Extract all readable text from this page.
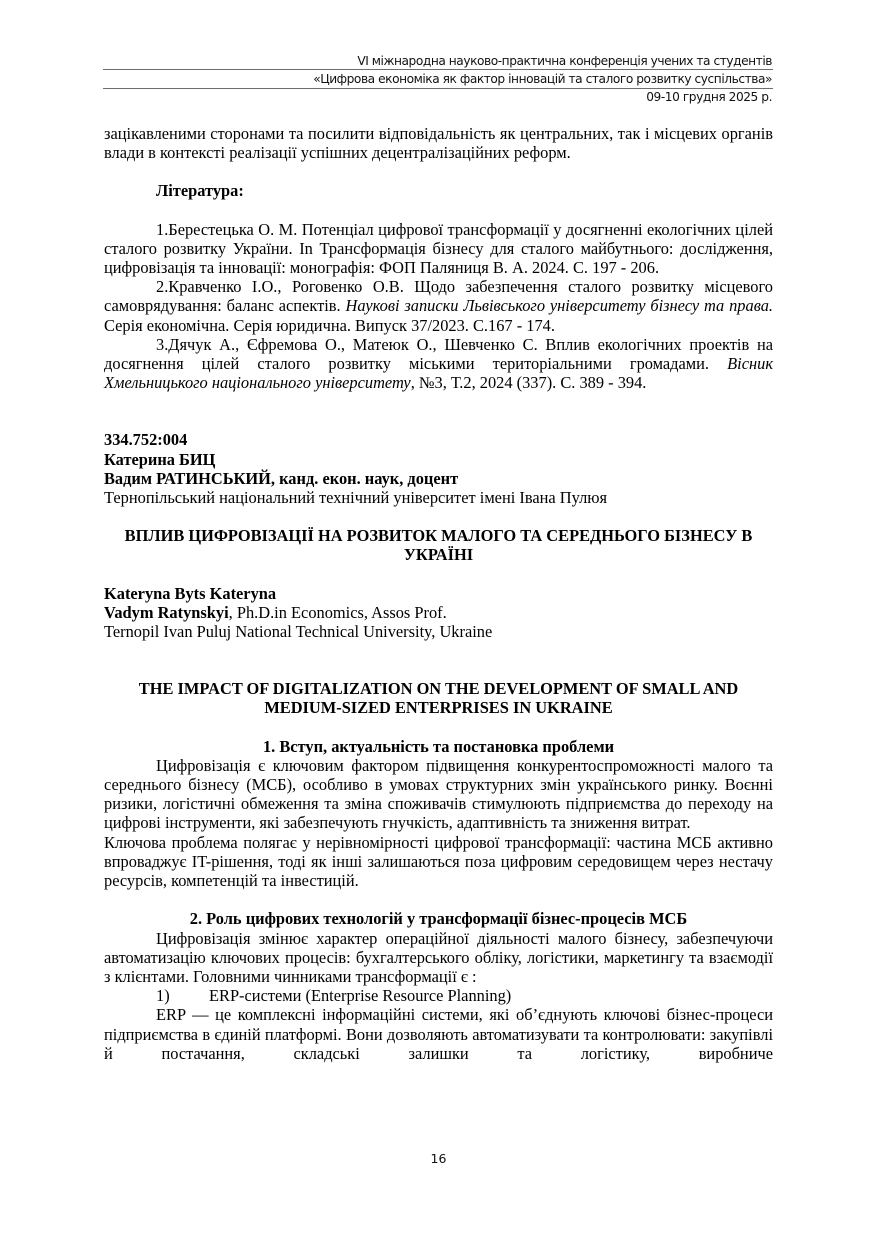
VI міжнародна науково-практична конференція учених та студентів
«Цифрова економіка як фактор інновацій та сталого розвитку суспільства»
09-10 грудня 2025 р.

зацікавленими сторонами та посилити відповідальність як центральних, так і місцевих органів влади в контексті реалізації успішних децентралізаційних реформ.

Література:

1.Берестецька О. М. Потенціал цифрової трансформації у досягненні екологічних цілей сталого розвитку України. In Трансформація бізнесу для сталого майбутнього: дослідження, цифровізація та інновації: монографія: ФОП Паляниця В. А. 2024. С. 197 - 206.

2.Кравченко І.О., Роговенко О.В. Щодо забезпечення сталого розвитку місцевого самоврядування: баланс аспектів. Наукові записки Львівського університету бізнесу та права. Серія економічна. Серія юридична. Випуск 37/2023. С.167 - 174.

3.Дячук А., Єфремова О., Матеюк О., Шевченко С. Вплив екологічних проектів на досягнення цілей сталого розвитку міськими територіальними громадами. Вісник Хмельницького національного університету, №3, Т.2, 2024 (337). С. 389 - 394.

334.752:004

Катерина БИЦ

Вадим РАТИНСЬКИЙ, канд. екон. наук, доцент

Тернопільський національний технічний університет імені Івана Пулюя

ВПЛИВ ЦИФРОВІЗАЦІЇ НА РОЗВИТОК МАЛОГО ТА СЕРЕДНЬОГО БІЗНЕСУ В УКРАЇНІ

Kateryna Byts Kateryna

Vadym Ratynskyi, Ph.D.in Economics, Assos Prof.

Ternopil Ivan Puluj National Technical University, Ukraine

THE IMPACT OF DIGITALIZATION ON THE DEVELOPMENT OF SMALL AND MEDIUM-SIZED ENTERPRISES IN UKRAINE

1. Вступ, актуальність та постановка проблеми

Цифровізація є ключовим фактором підвищення конкурентоспроможності малого та середнього бізнесу (МСБ), особливо в умовах структурних змін українського ринку. Воєнні ризики, логістичні обмеження та зміна споживачів стимулюють підприємства до переходу на цифрові інструменти, які забезпечують гнучкість, адаптивність та зниження витрат.

Ключова проблема полягає у нерівномірності цифрової трансформації: частина МСБ активно впроваджує IT-рішення, тоді як інші залишаються поза цифровим середовищем через нестачу ресурсів, компетенцій та інвестицій.

2. Роль цифрових технологій у трансформації бізнес-процесів МСБ

Цифровізація змінює характер операційної діяльності малого бізнесу, забезпечуючи автоматизацію ключових процесів: бухгалтерського обліку, логістики, маркетингу та взаємодії з клієнтами. Головними чинниками трансформації є :

1) ERP-системи (Enterprise Resource Planning)

ERP — це комплексні інформаційні системи, які об’єднують ключові бізнес-процеси підприємства в єдиній платформі. Вони дозволяють автоматизувати та контролювати: закупівлі й постачання, складські залишки та логістику, виробниче

16
